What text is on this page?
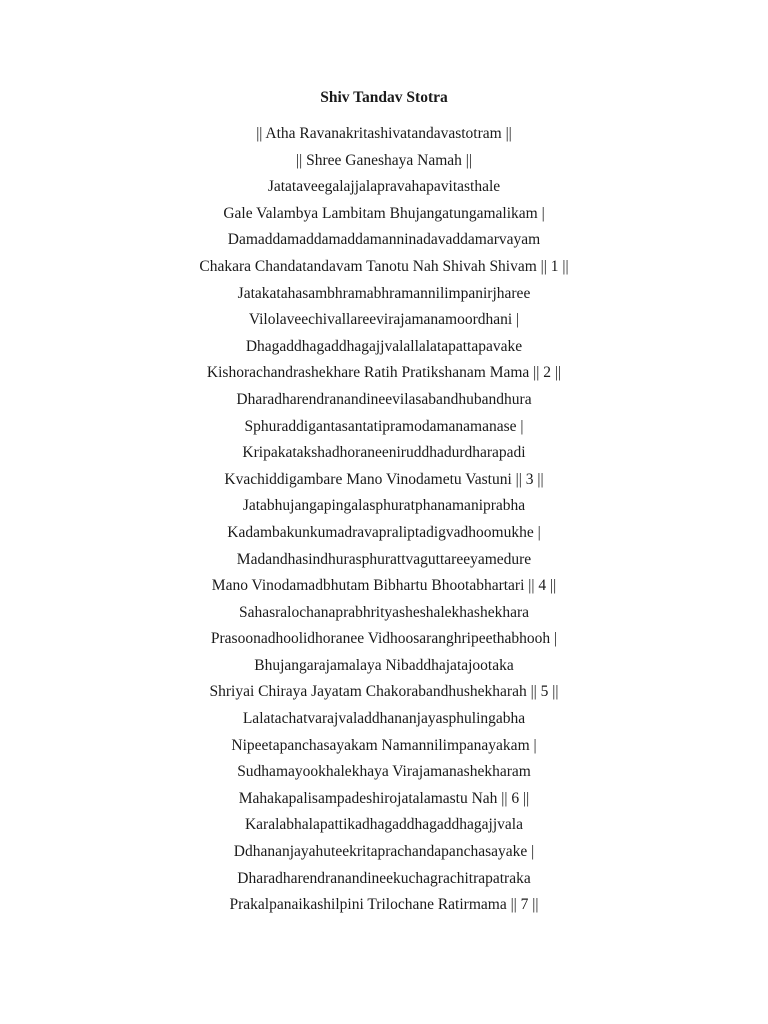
Shiv Tandav Stotra
|| Atha Ravanakritashivatandavastotram ||
|| Shree Ganeshaya Namah ||
Jatataveegalajjalapravahapavitasthale
Gale Valambya Lambitam Bhujangatungamalikam |
Damaddamaddamaddamanninadavaddamarvayam
Chakara Chandatandavam Tanotu Nah Shivah Shivam || 1 ||
Jatakatahasambhramabhramannilimpanirjharee
Vilolaveechivallareevirajamanamoordhani |
Dhagaddhagaddhagajjvalallalatapattapavake
Kishorachandrashekhare Ratih Pratikshanam Mama || 2 ||
Dharadharendranandineevilasabandhubandhura
Sphuraddigantasantatipramodamanamanase |
Kripakatakshadhoraneeniruddhadurdharapadi
Kvachiddigambare Mano Vinodametu Vastuni || 3 ||
Jatabhujangapingalasphuratphanamaniprabha
Kadambakunkumadravapraliptadigvadhoomukhe |
Madandhasindhurasphurattvaguttareeyamedure
Mano Vinodamadbhutam Bibhartu Bhootabhartari || 4 ||
Sahasralochanaprabhrityasheshalekhashekhara
Prasoonadhoolidhoranee Vidhoosaranghripeethabhooh |
Bhujangarajamalaya Nibaddhajatajootaka
Shriyai Chiraya Jayatam Chakorabandhushekharah || 5 ||
Lalatachatvarajvaladdhananjayasphulingabha
Nipeetapanchasayakam Namannilimpanayakam |
Sudhamayookhalekhaya Virajamanashekharam
Mahakapalisampadeshirojatalamastu Nah || 6 ||
Karalabhalapattikadhagaddhagaddhagajjvala
Ddhananjayahuteekritaprachandapanchasayake |
Dharadharendranandineekuchagrachitrapatraka
Prakalpanaikashilpini Trilochane Ratirmama || 7 ||
